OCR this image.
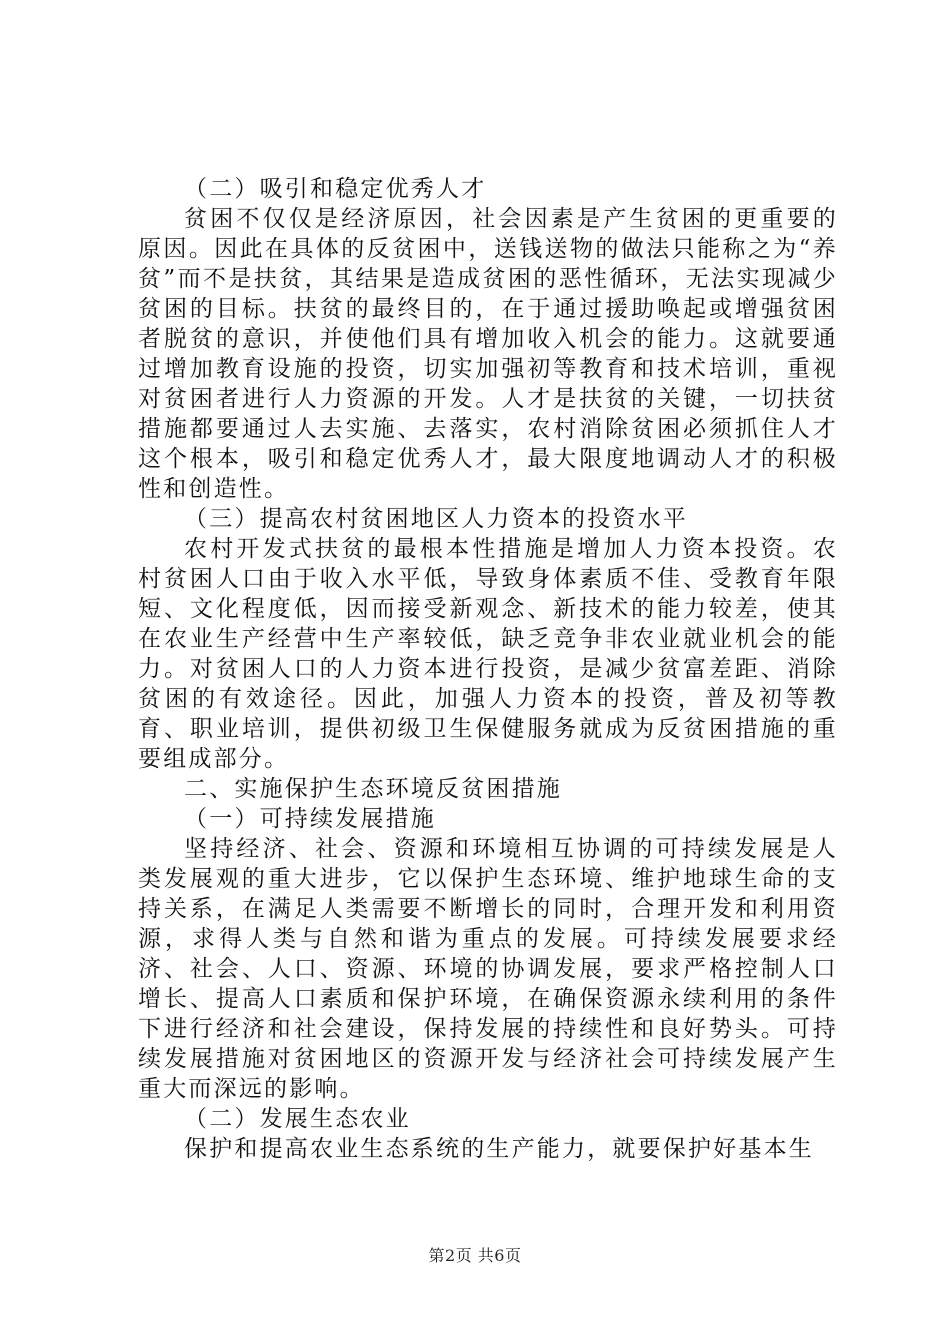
（二）吸引和稳定优秀人才

贫困不仅仅是经济原因，社会因素是产生贫困的更重要的原因。因此在具体的反贫困中，送钱送物的做法只能称之为“养贫”而不是扶贫，其结果是造成贫困的恶性循环，无法实现减少贫困的目标。扶贫的最终目的，在于通过援助唤起或增强贫困者脱贫的意识，并使他们具有增加收入机会的能力。这就要通过增加教育设施的投资，切实加强初等教育和技术培训，重视对贫困者进行人力资源的开发。人才是扶贫的关键，一切扶贫措施都要通过人去实施、去落实，农村消除贫困必须抓住人才这个根本，吸引和稳定优秀人才，最大限度地调动人才的积极性和创造性。

（三）提高农村贫困地区人力资本的投资水平

农村开发式扶贫的最根本性措施是增加人力资本投资。农村贫困人口由于收入水平低，导致身体素质不佳、受教育年限短、文化程度低，因而接受新观念、新技术的能力较差，使其在农业生产经营中生产率较低，缺乏竞争非农业就业机会的能力。对贫困人口的人力资本进行投资，是减少贫富差距、消除贫困的有效途径。因此，加强人力资本的投资，普及初等教育、职业培训，提供初级卫生保健服务就成为反贫困措施的重要组成部分。

二、实施保护生态环境反贫困措施

（一）可持续发展措施

坚持经济、社会、资源和环境相互协调的可持续发展是人类发展观的重大进步，它以保护生态环境、维护地球生命的支持关系，在满足人类需要不断增长的同时，合理开发和利用资源，求得人类与自然和谐为重点的发展。可持续发展要求经济、社会、人口、资源、环境的协调发展，要求严格控制人口增长、提高人口素质和保护环境，在确保资源永续利用的条件下进行经济和社会建设，保持发展的持续性和良好势头。可持续发展措施对贫困地区的资源开发与经济社会可持续发展产生重大而深远的影响。

（二）发展生态农业

保护和提高农业生态系统的生产能力，就要保护好基本生

第2页 共6页
